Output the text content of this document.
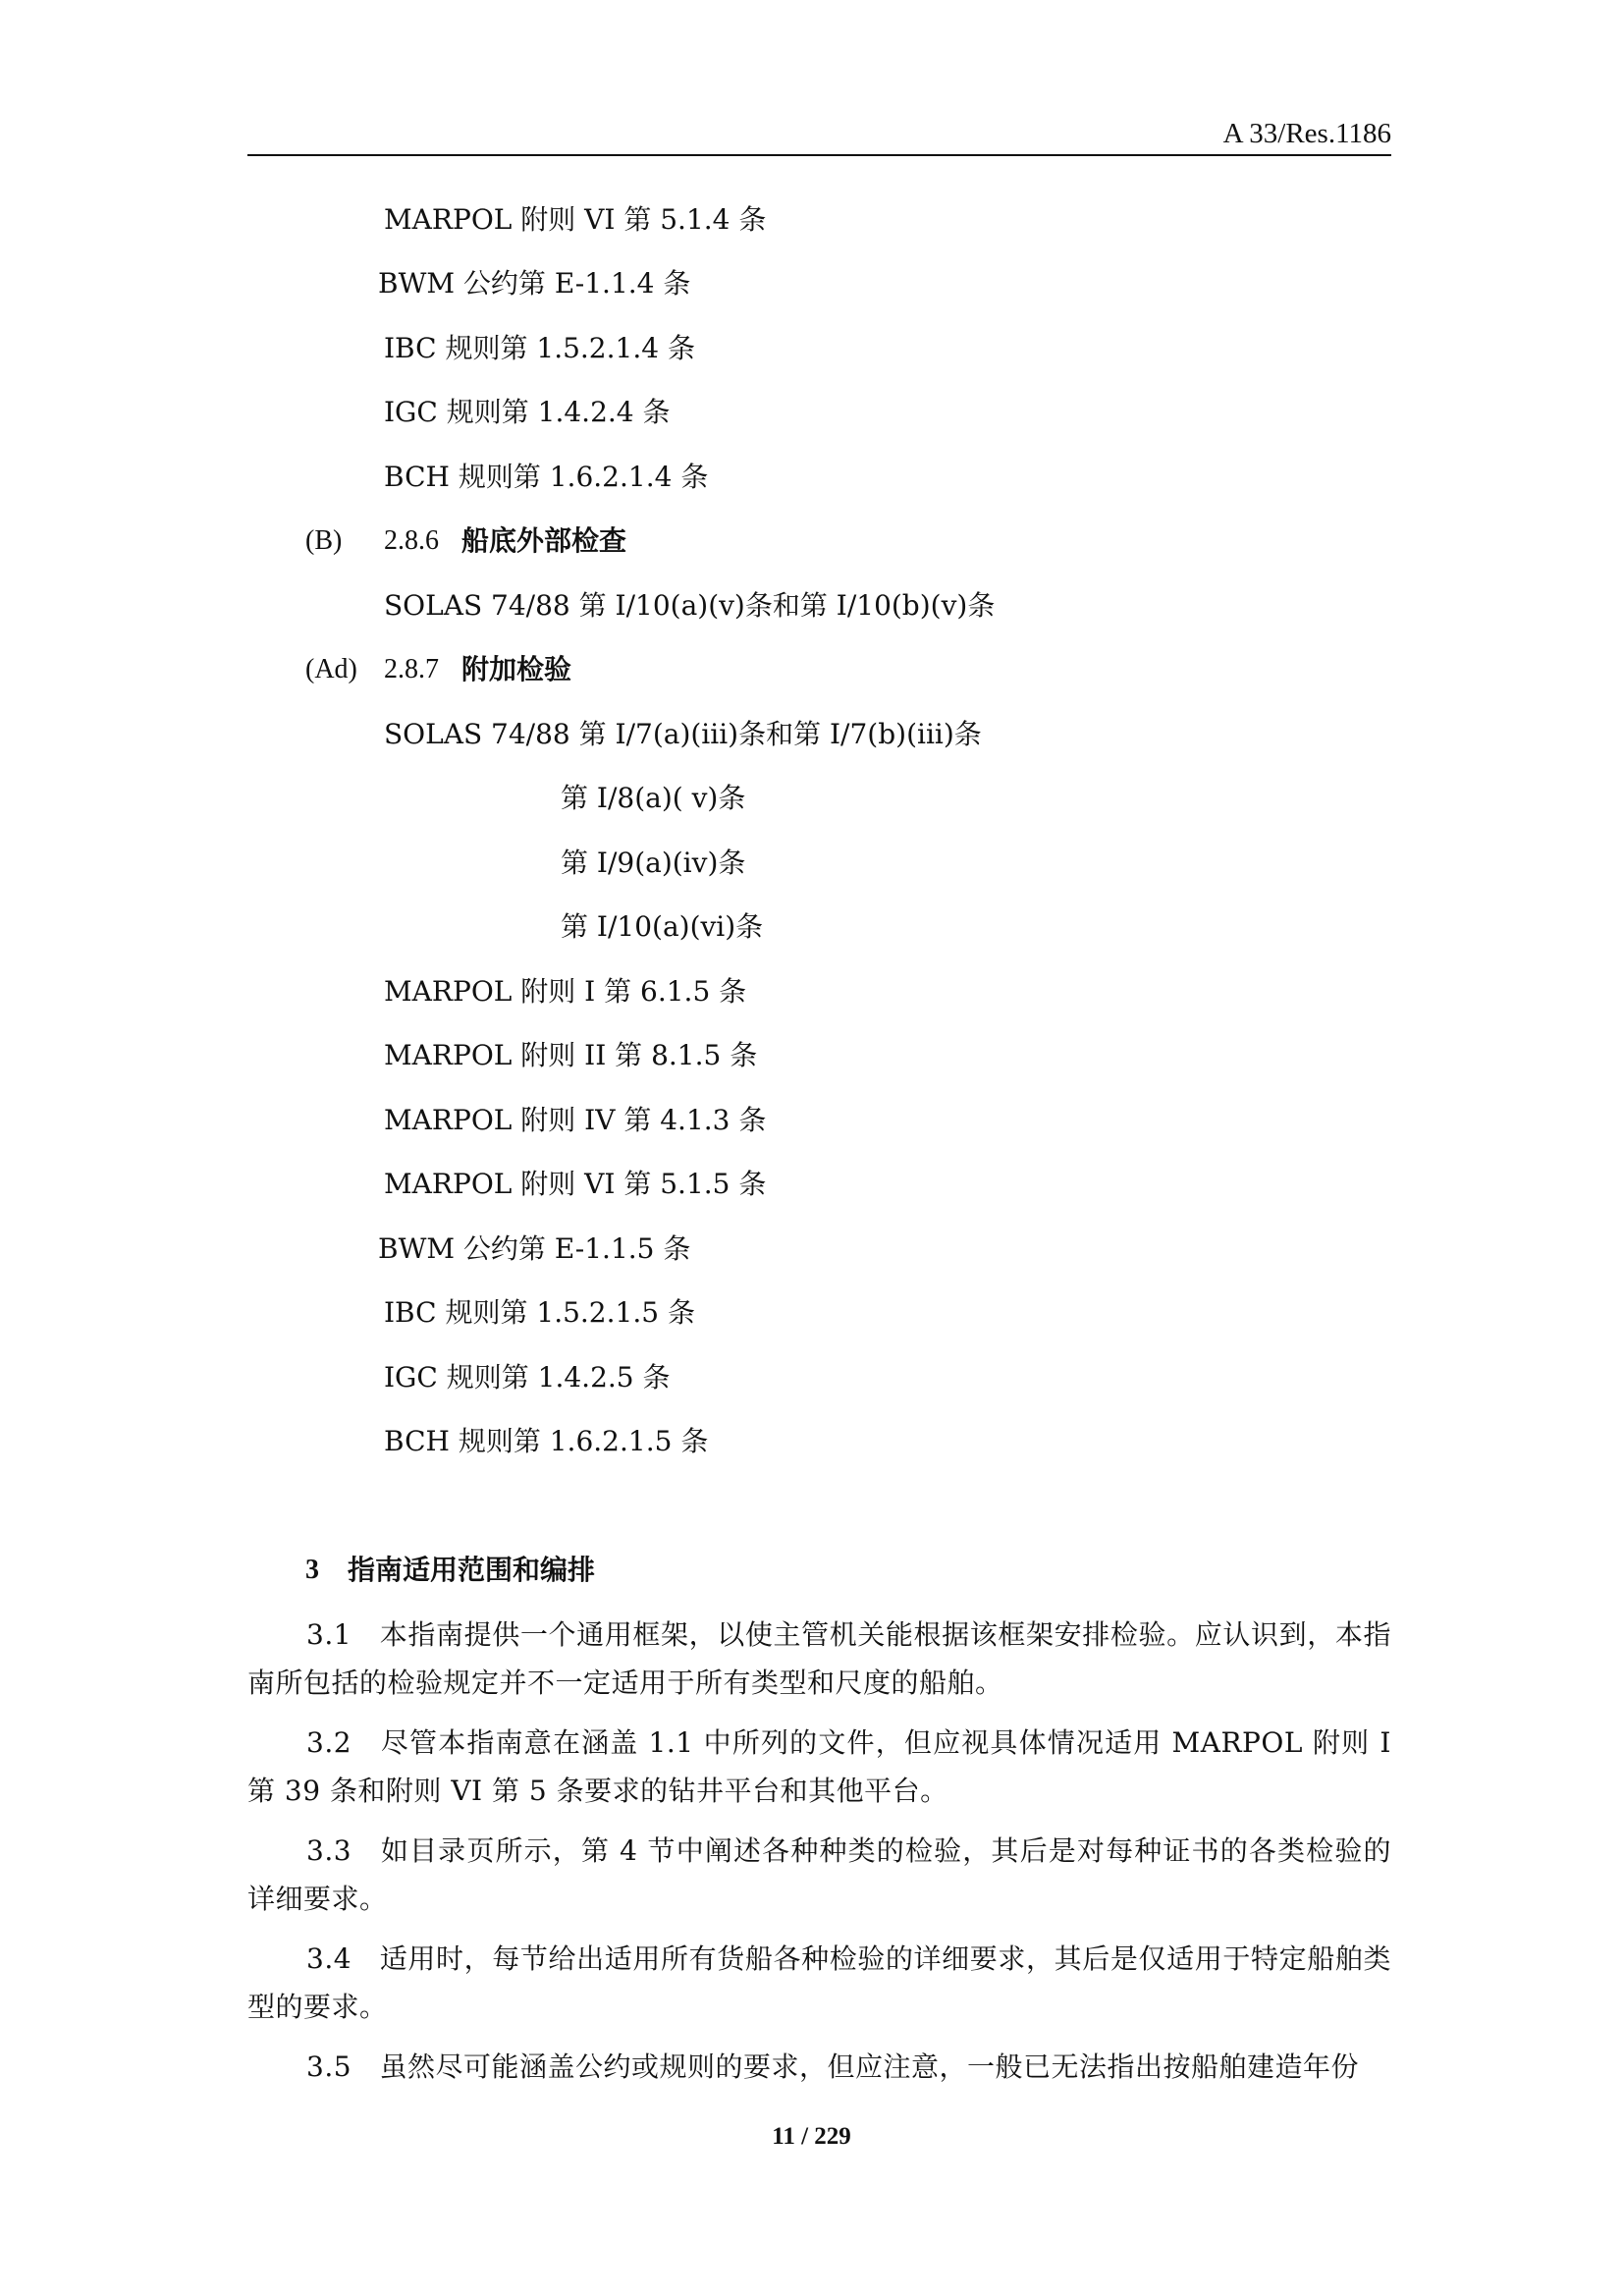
A 33/Res.1186
MARPOL 附则 VI 第 5.1.4 条
BWM 公约第 E-1.1.4 条
IBC 规则第 1.5.2.1.4 条
IGC 规则第 1.4.2.4 条
BCH 规则第 1.6.2.1.4 条
(B) 2.8.6 船底外部检查
SOLAS 74/88 第 I/10(a)(v)条和第 I/10(b)(v)条
(Ad) 2.8.7 附加检验
SOLAS 74/88 第 I/7(a)(iii)条和第 I/7(b)(iii)条
第 I/8(a)( v)条
第 I/9(a)(iv)条
第 I/10(a)(vi)条
MARPOL 附则 I 第 6.1.5 条
MARPOL 附则 II 第 8.1.5 条
MARPOL 附则 IV 第 4.1.3 条
MARPOL 附则 VI 第 5.1.5 条
BWM 公约第 E-1.1.5 条
IBC 规则第 1.5.2.1.5 条
IGC 规则第 1.4.2.5 条
BCH 规则第 1.6.2.1.5 条
3 指南适用范围和编排
3.1　本指南提供一个通用框架，以使主管机关能根据该框架安排检验。应认识到，本指南所包括的检验规定并不一定适用于所有类型和尺度的船舶。
3.2　尽管本指南意在涵盖 1.1 中所列的文件，但应视具体情况适用 MARPOL 附则 I 第 39 条和附则 VI 第 5 条要求的钻井平台和其他平台。
3.3　如目录页所示，第 4 节中阐述各种种类的检验，其后是对每种证书的各类检验的详细要求。
3.4　适用时，每节给出适用所有货船各种检验的详细要求，其后是仅适用于特定船舶类型的要求。
3.5　虽然尽可能涵盖公约或规则的要求，但应注意，一般已无法指出按船舶建造年份
11 / 229
